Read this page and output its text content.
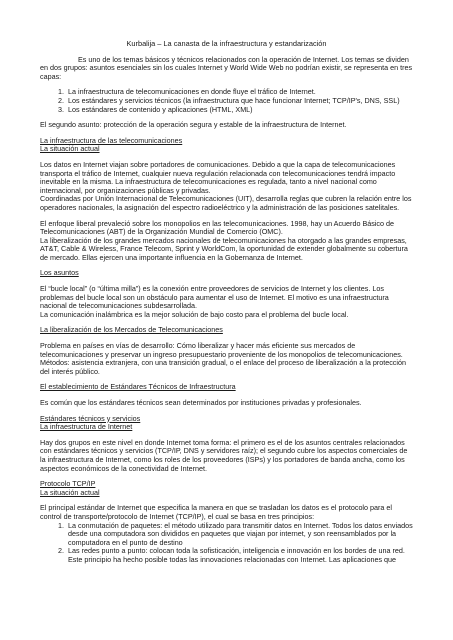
Kurbalija – La canasta de la infraestructura y estandarización

Es uno de los temas básicos y técnicos relacionados con la operación de Internet. Los temas se dividen en dos grupos: asuntos esenciales sin los cuales Internet y World Wide Web no podrían existir, se representa en tres capas:

1. La infraestructura de telecomunicaciones en donde fluye el tráfico de Internet.
2. Los estándares y servicios técnicos (la infraestructura que hace funcionar Internet; TCP/IP's, DNS, SSL)
3. Los estándares de contenido y aplicaciones (HTML, XML)

El segundo asunto: protección de la operación segura y estable de la infraestructura de Internet.

La infraestructura de las telecomunicaciones
La situación actual

Los datos en Internet viajan sobre portadores de comunicaciones. Debido a que la capa de telecomunicaciones transporta el tráfico de Internet, cualquier nueva regulación relacionada con telecomunicaciones tendrá impacto inevitable en la misma. La infraestructura de telecomunicaciones es regulada, tanto a nivel nacional como internacional, por organizaciones públicas y privadas.
Coordinadas por Unión Internacional de Telecomunicaciones (UIT), desarrolla reglas que cubren la relación entre los operadores nacionales, la asignación del espectro radioeléctrico y la administración de las posiciones satelitales.

El enfoque liberal prevaleció sobre los monopolios en las telecomunicaciones. 1998, hay un Acuerdo Básico de Telecomunicaciones (ABT) de la Organización Mundial de Comercio (OMC).
La liberalización de los grandes mercados nacionales de telecomunicaciones ha otorgado a las grandes empresas, AT&T, Cable & Wireless, France Telecom, Sprint y WorldCom, la oportunidad de extender globalmente su cobertura de mercado. Ellas ejercen una importante influencia en la Gobernanza de Internet.

Los asuntos

El “bucle local” (o “última milla”) es la conexión entre proveedores de servicios de Internet y los clientes. Los problemas del bucle local son un obstáculo para aumentar el uso de Internet. El motivo es una infraestructura nacional de telecomunicaciones subdesarrollada.
La comunicación inalámbrica es la mejor solución de bajo costo para el problema del bucle local.

La liberalización de los Mercados de Telecomunicaciones

Problema en países en vías de desarrollo: Cómo liberalizar y hacer más eficiente sus mercados de telecomunicaciones y preservar un ingreso presupuestario proveniente de los monopolios de telecomunicaciones. Métodos: asistencia extranjera, con una transición gradual, o el enlace del proceso de liberalización a la protección del interés público.

El establecimiento de Estándares Técnicos de Infraestructura

Es común que los estándares técnicos sean determinados por instituciones privadas y profesionales.

Estándares técnicos y servicios
La infraestructura de Internet

Hay dos grupos en este nivel en donde Internet toma forma: el primero es el de los asuntos centrales relacionados con estándares técnicos y servicios (TCP/IP, DNS y servidores raíz); el segundo cubre los aspectos comerciales de la infraestructura de Internet, como los roles de los proveedores (ISPs) y los portadores de banda ancha, como los aspectos económicos de la conectividad de Internet.

Protocolo TCP/IP
La situación actual

El principal estándar de Internet que especifica la manera en que se trasladan los datos es el protocolo para el control de transporte/protocolo de Internet (TCP/IP), el cual se basa en tres principios:

1. La conmutación de paquetes: el método utilizado para transmitir datos en Internet. Todos los datos enviados desde una computadora son divididos en paquetes que viajan por internet, y son reensamblados por la computadora en el punto de destino
2. Las redes punto a punto: colocan toda la sofisticación, inteligencia e innovación en los bordes de una red. Este principio ha hecho posible todas las innovaciones relacionadas con Internet. Las aplicaciones que
